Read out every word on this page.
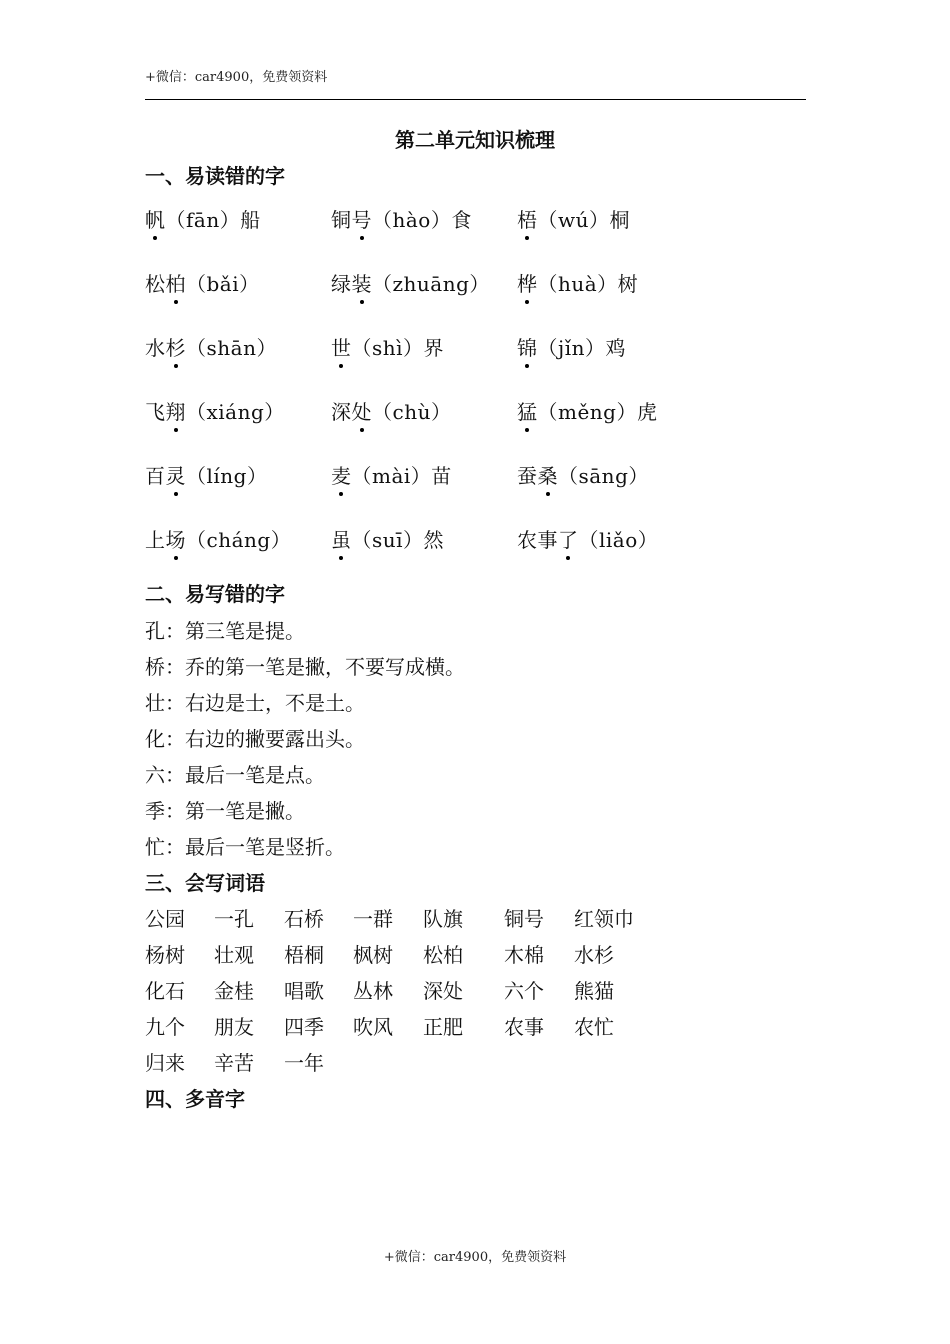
+微信：car4900，免费领资料
第二单元知识梳理
一、易读错的字
帆（fān）船	铜号（hào）食 梧（wú）桐
松柏（bǎi）	绿装（zhuāng） 桦（huà）树
水杉（shān）	世（shì）界	锦（jǐn）鸡
飞翔（xiáng） 深处（chù）	猛（měng）虎
百灵（líng）	麦（mài）苗	蚕桑（sāng）
上场（cháng） 虽（suī）然	农事了（liǎo）
二、易写错的字
孔：第三笔是提。
桥：乔的第一笔是撇，不要写成横。
壮：右边是士，不是土。
化：右边的撇要露出头。
六：最后一笔是点。
季：第一笔是撇。
忙：最后一笔是竖折。
三、会写词语
公园 一孔 石桥 一群 队旗 铜号 红领巾
杨树 壮观 梧桐 枫树 松柏 木棉 水杉
化石 金桂 唱歌 丛林 深处 六个 熊猫
九个 朋友 四季 吹风 正肥 农事 农忙
归来 辛苦 一年
四、多音字
+微信：car4900，免费领资料
